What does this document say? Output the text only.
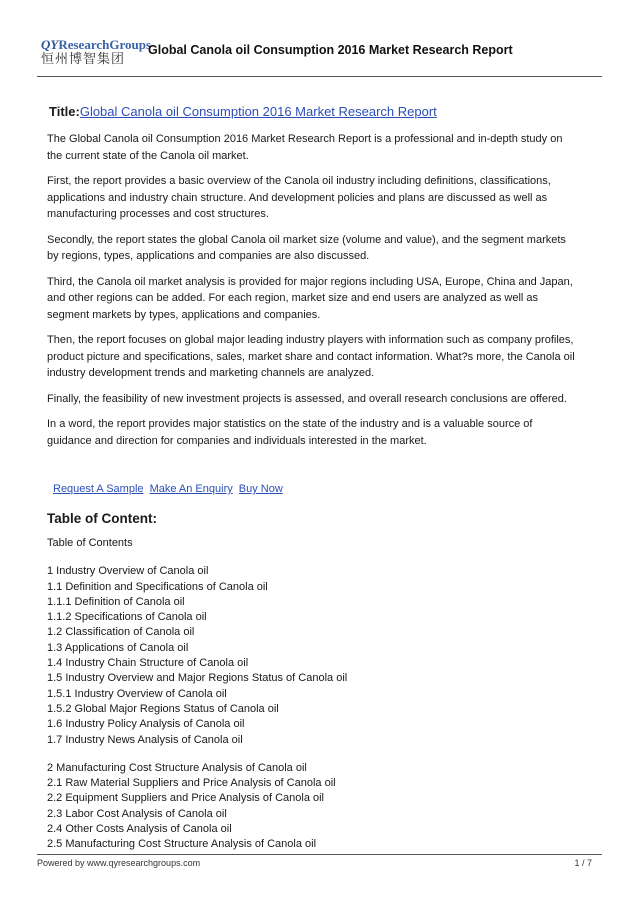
QYResearchGroups
恒州博智集团
Global Canola oil Consumption 2016 Market Research Report
Title:Global Canola oil Consumption 2016 Market Research Report

The Global Canola oil Consumption 2016 Market Research Report is a professional and in-depth study on the current state of the Canola oil market.

First, the report provides a basic overview of the Canola oil industry including definitions, classifications, applications and industry chain structure. And development policies and plans are discussed as well as manufacturing processes and cost structures.

Secondly, the report states the global Canola oil market size (volume and value), and the segment markets by regions, types, applications and companies are also discussed.

Third, the Canola oil market analysis is provided for major regions including USA, Europe, China and Japan, and other regions can be added. For each region, market size and end users are analyzed as well as segment markets by types, applications and companies.

Then, the report focuses on global major leading industry players with information such as company profiles, product picture and specifications, sales, market share and contact information. What?s more, the Canola oil industry development trends and marketing channels are analyzed.

Finally, the feasibility of new investment projects is assessed, and overall research conclusions are offered.

In a word, the report provides major statistics on the state of the industry and is a valuable source of guidance and direction for companies and individuals interested in the market.

Request A Sample Make An Enquiry Buy Now
Table of Content:
Table of Contents
1 Industry Overview of Canola oil
1.1 Definition and Specifications of Canola oil
1.1.1 Definition of Canola oil
1.1.2 Specifications of Canola oil
1.2 Classification of Canola oil
1.3 Applications of Canola oil
1.4 Industry Chain Structure of Canola oil
1.5 Industry Overview and Major Regions Status of Canola oil
1.5.1 Industry Overview of Canola oil
1.5.2 Global Major Regions Status of Canola oil
1.6 Industry Policy Analysis of Canola oil
1.7 Industry News Analysis of Canola oil
2 Manufacturing Cost Structure Analysis of Canola oil
2.1 Raw Material Suppliers and Price Analysis of Canola oil
2.2 Equipment Suppliers and Price Analysis of Canola oil
2.3 Labor Cost Analysis of Canola oil
2.4 Other Costs Analysis of Canola oil
2.5 Manufacturing Cost Structure Analysis of Canola oil
Powered by www.qyresearchgroups.com	1 / 7
